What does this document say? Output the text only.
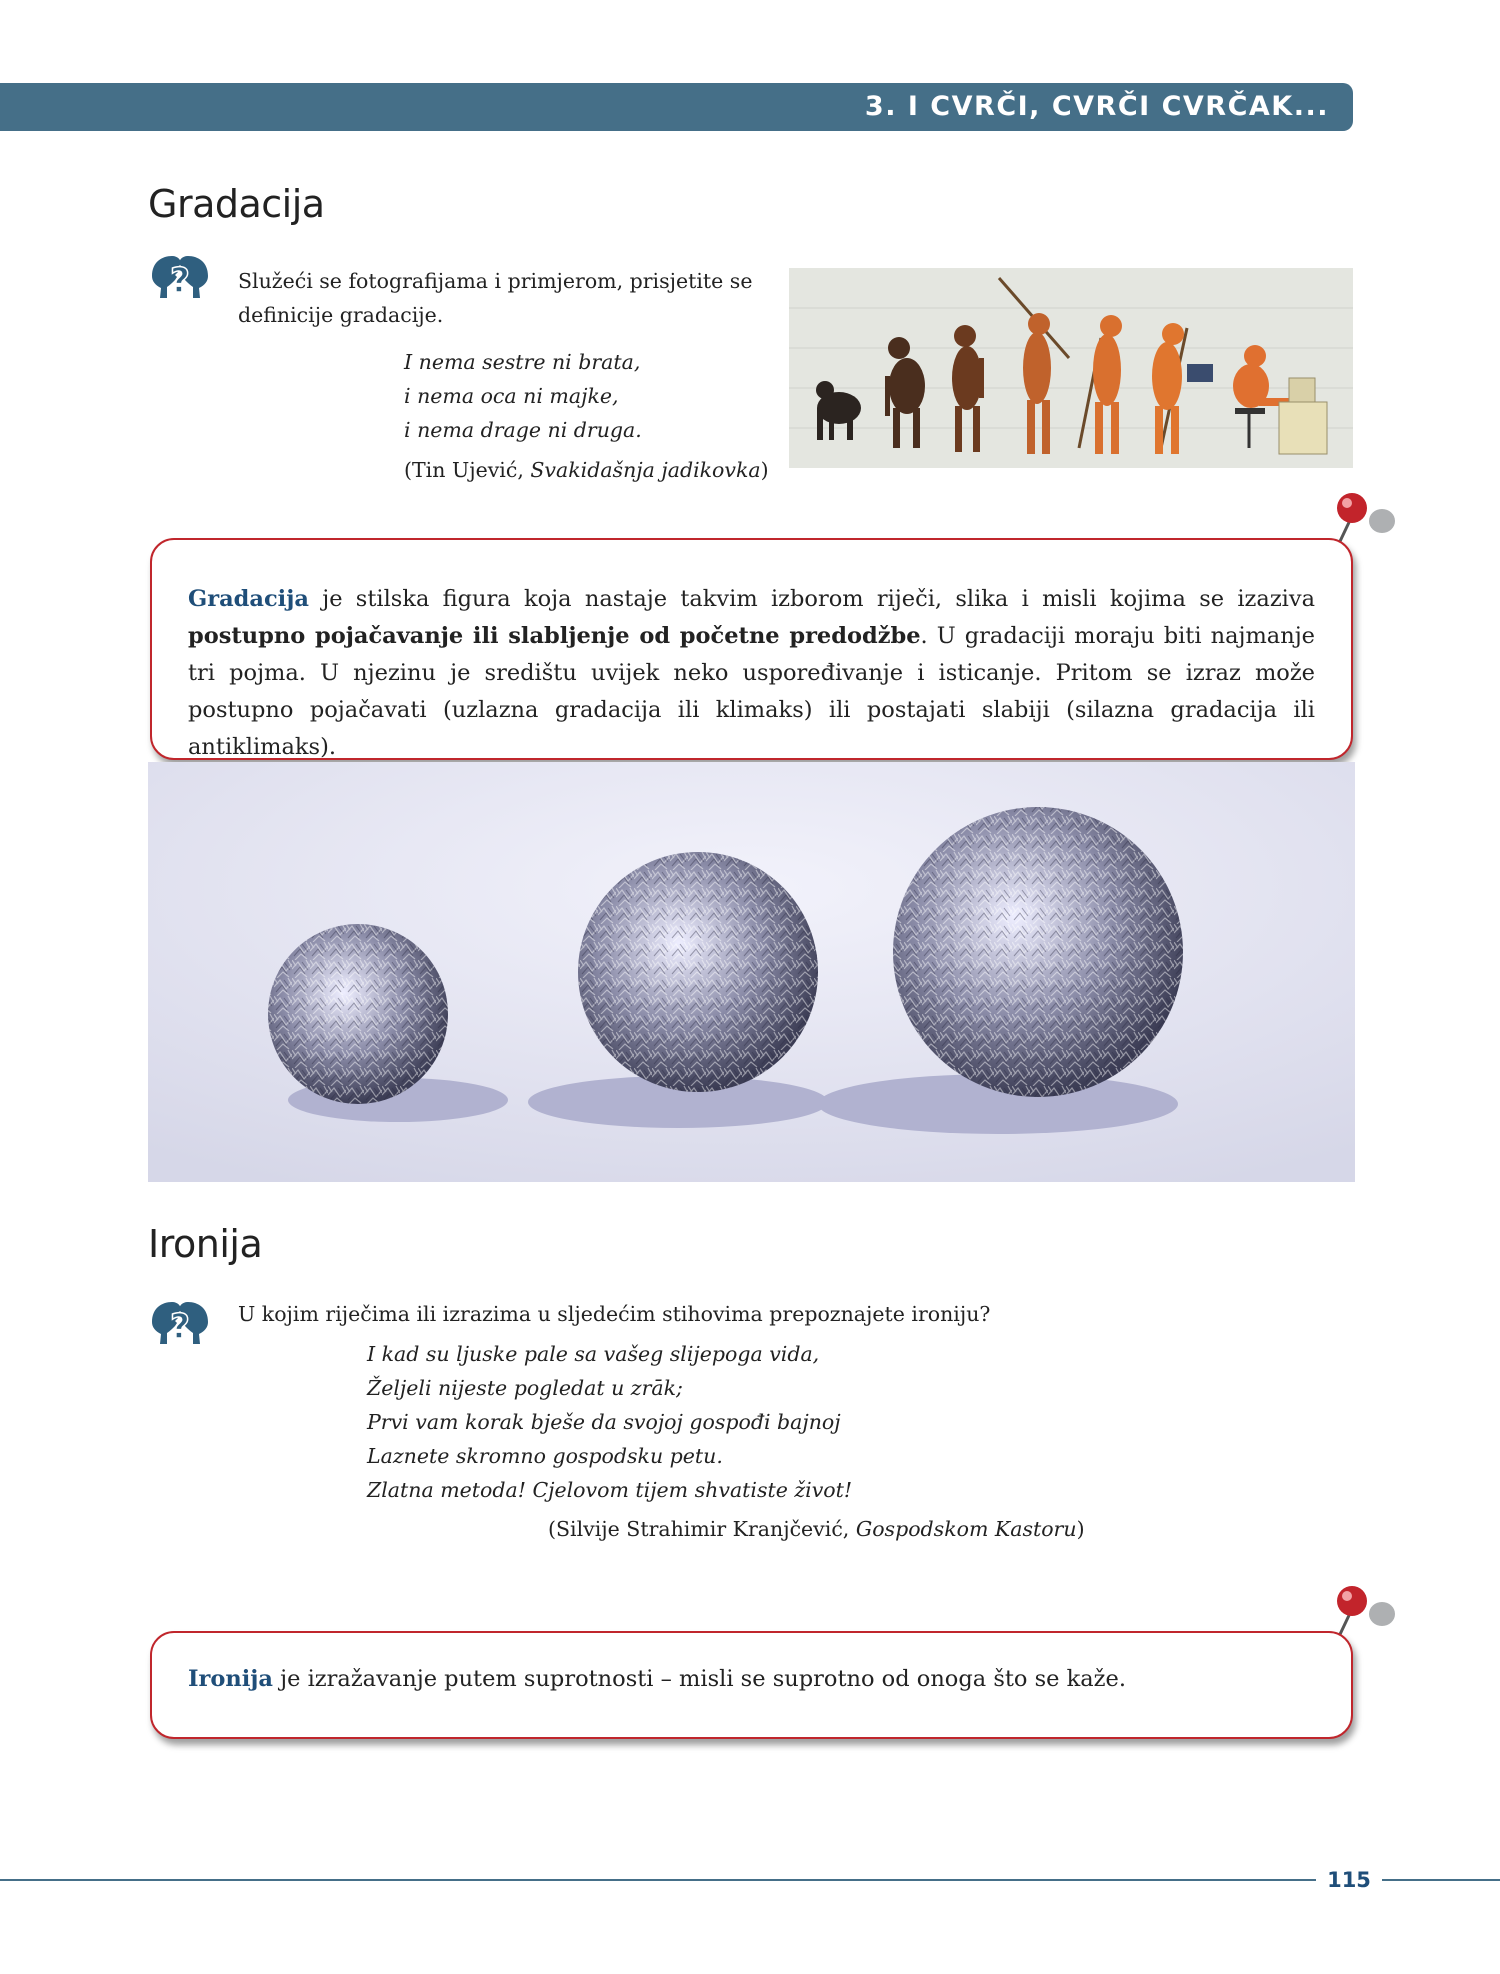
3. I CVRČI, CVRČI CVRČAK...
Gradacija
Služeći se fotografijama i primjerom, prisjetite se definicije gradacije.
I nema sestre ni brata,
i nema oca ni majke,
i nema drage ni druga.
(Tin Ujević, Svakidašnja jadikovka)
Gradacija je stilska figura koja nastaje takvim izborom riječi, slika i misli kojima se izaziva postupno pojačavanje ili slabljenje od početne predodžbe. U gradaciji moraju biti najmanje tri pojma. U njezinu je središtu uvijek neko uspoređivanje i isticanje. Pritom se izraz može postupno pojačavati (uzlazna gradacija ili klimaks) ili postajati slabiji (silazna gradacija ili antiklimaks).
Ironija
U kojim riječima ili izrazima u sljedećim stihovima prepoznajete ironiju?
I kad su ljuske pale sa vašeg slijepoga vida,
Željeli nijeste pogledat u zrāk;
Prvi vam korak bješe da svojoj gospođi bajnoj
Laznete skromno gospodsku petu.
Zlatna metoda! Cjelovom tijem shvatiste život!
(Silvije Strahimir Kranjčević, Gospodskom Kastoru)
Ironija je izražavanje putem suprotnosti – misli se suprotno od onoga što se kaže.
115
